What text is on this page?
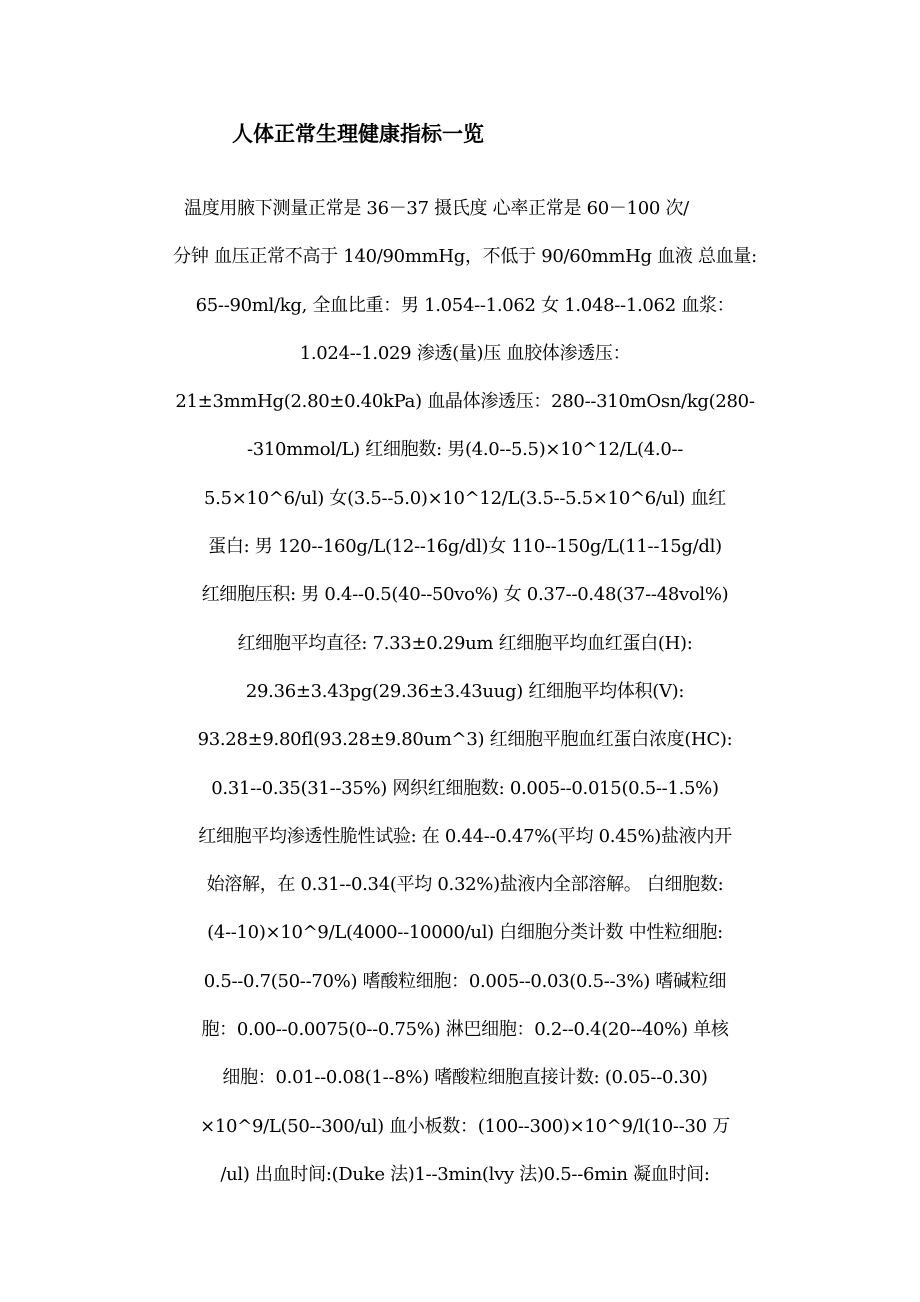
人体正常生理健康指标一览
温度用腋下测量正常是 36－37 摄氏度 心率正常是 60－100 次/
分钟 血压正常不高于 140/90mmHg，不低于 90/60mmHg 血液 总血量:
65--90ml/kg, 全血比重：男 1.054--1.062 女 1.048--1.062 血浆：
1.024--1.029 渗透(量)压 血胶体渗透压：
21±3mmHg(2.80±0.40kPa) 血晶体渗透压：280--310mOsn/kg(280-
-310mmol/L) 红细胞数: 男(4.0--5.5)×10^12/L(4.0--
5.5×10^6/ul) 女(3.5--5.0)×10^12/L(3.5--5.5×10^6/ul) 血红
蛋白: 男 120--160g/L(12--16g/dl)女 110--150g/L(11--15g/dl)
红细胞压积: 男 0.4--0.5(40--50vo%) 女 0.37--0.48(37--48vol%)
红细胞平均直径: 7.33±0.29um 红细胞平均血红蛋白(H):
29.36±3.43pg(29.36±3.43uug) 红细胞平均体积(V):
93.28±9.80fl(93.28±9.80um^3) 红细胞平胞血红蛋白浓度(HC):
0.31--0.35(31--35%) 网织红细胞数: 0.005--0.015(0.5--1.5%)
红细胞平均渗透性脆性试验: 在 0.44--0.47%(平均 0.45%)盐液内开
始溶解，在 0.31--0.34(平均 0.32%)盐液内全部溶解。 白细胞数:
(4--10)×10^9/L(4000--10000/ul) 白细胞分类计数 中性粒细胞:
0.5--0.7(50--70%) 嗜酸粒细胞：0.005--0.03(0.5--3%) 嗜碱粒细
胞：0.00--0.0075(0--0.75%) 淋巴细胞：0.2--0.4(20--40%) 单核
细胞：0.01--0.08(1--8%) 嗜酸粒细胞直接计数: (0.05--0.30)
×10^9/L(50--300/ul) 血小板数：(100--300)×10^9/l(10--30 万
/ul) 出血时间:(Duke 法)1--3min(lvy 法)0.5--6min 凝血时间:
